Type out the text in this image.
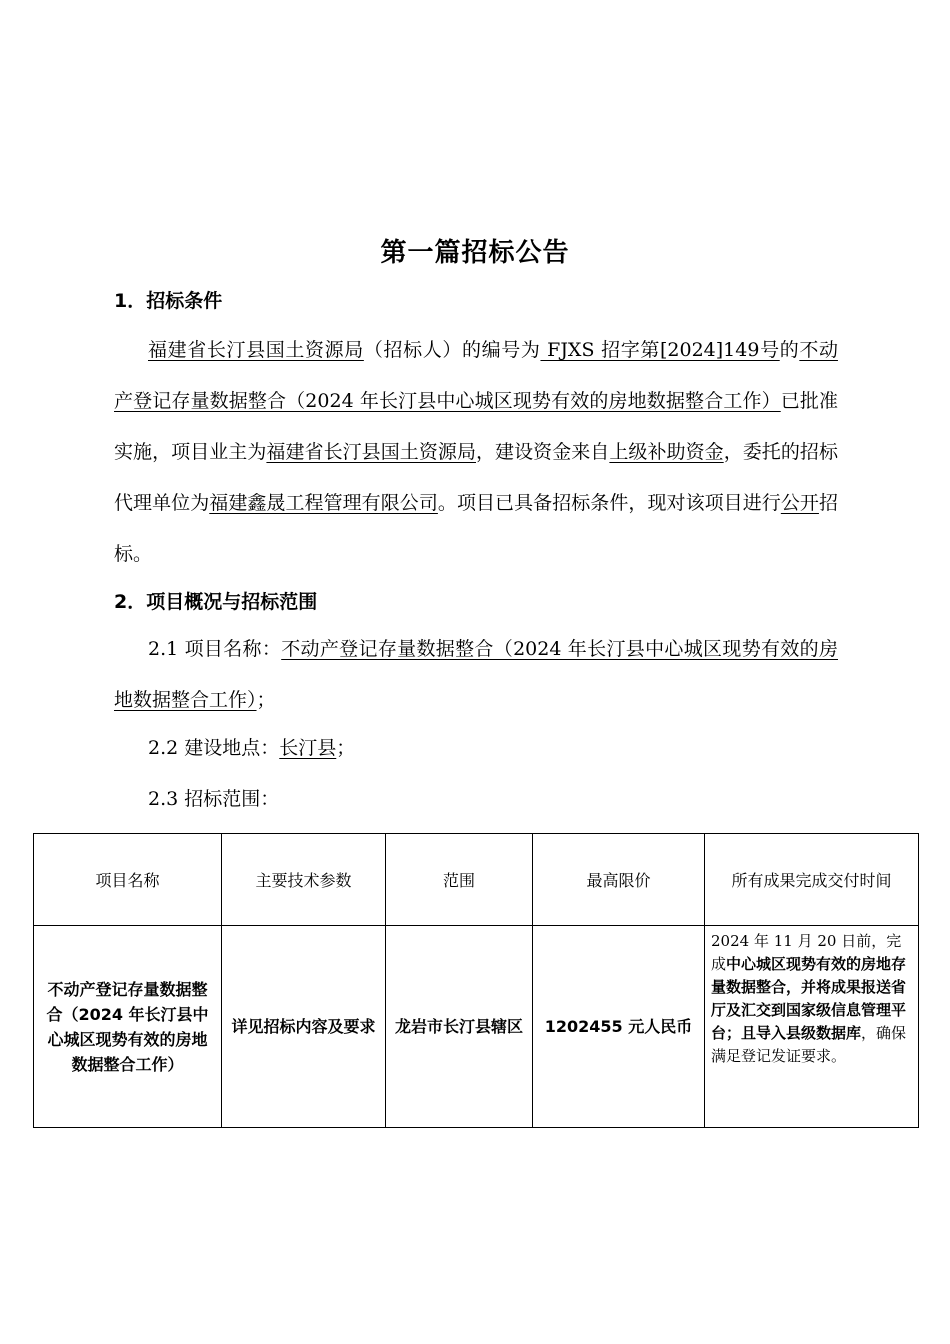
第一篇招标公告
1．招标条件
福建省长汀县国土资源局（招标人）的编号为 FJXS 招字第[2024]149号的不动产登记存量数据整合（2024 年长汀县中心城区现势有效的房地数据整合工作）已批准实施，项目业主为福建省长汀县国土资源局，建设资金来自上级补助资金，委托的招标代理单位为福建鑫晟工程管理有限公司。项目已具备招标条件，现对该项目进行公开招标。
2．项目概况与招标范围
2.1 项目名称：不动产登记存量数据整合（2024 年长汀县中心城区现势有效的房地数据整合工作）；
2.2 建设地点：长汀县；
2.3 招标范围：
项目名称	主要技术参数	范围	最高限价	所有成果完成交付时间
不动产登记存量数据整合（2024 年长汀县中心城区现势有效的房地数据整合工作）	详见招标内容及要求	龙岩市长汀县辖区	1202455 元人民币	2024 年 11 月 20 日前，完成中心城区现势有效的房地存量数据整合，并将成果报送省厅及汇交到国家级信息管理平台；且导入县级数据库，确保满足登记发证要求。
